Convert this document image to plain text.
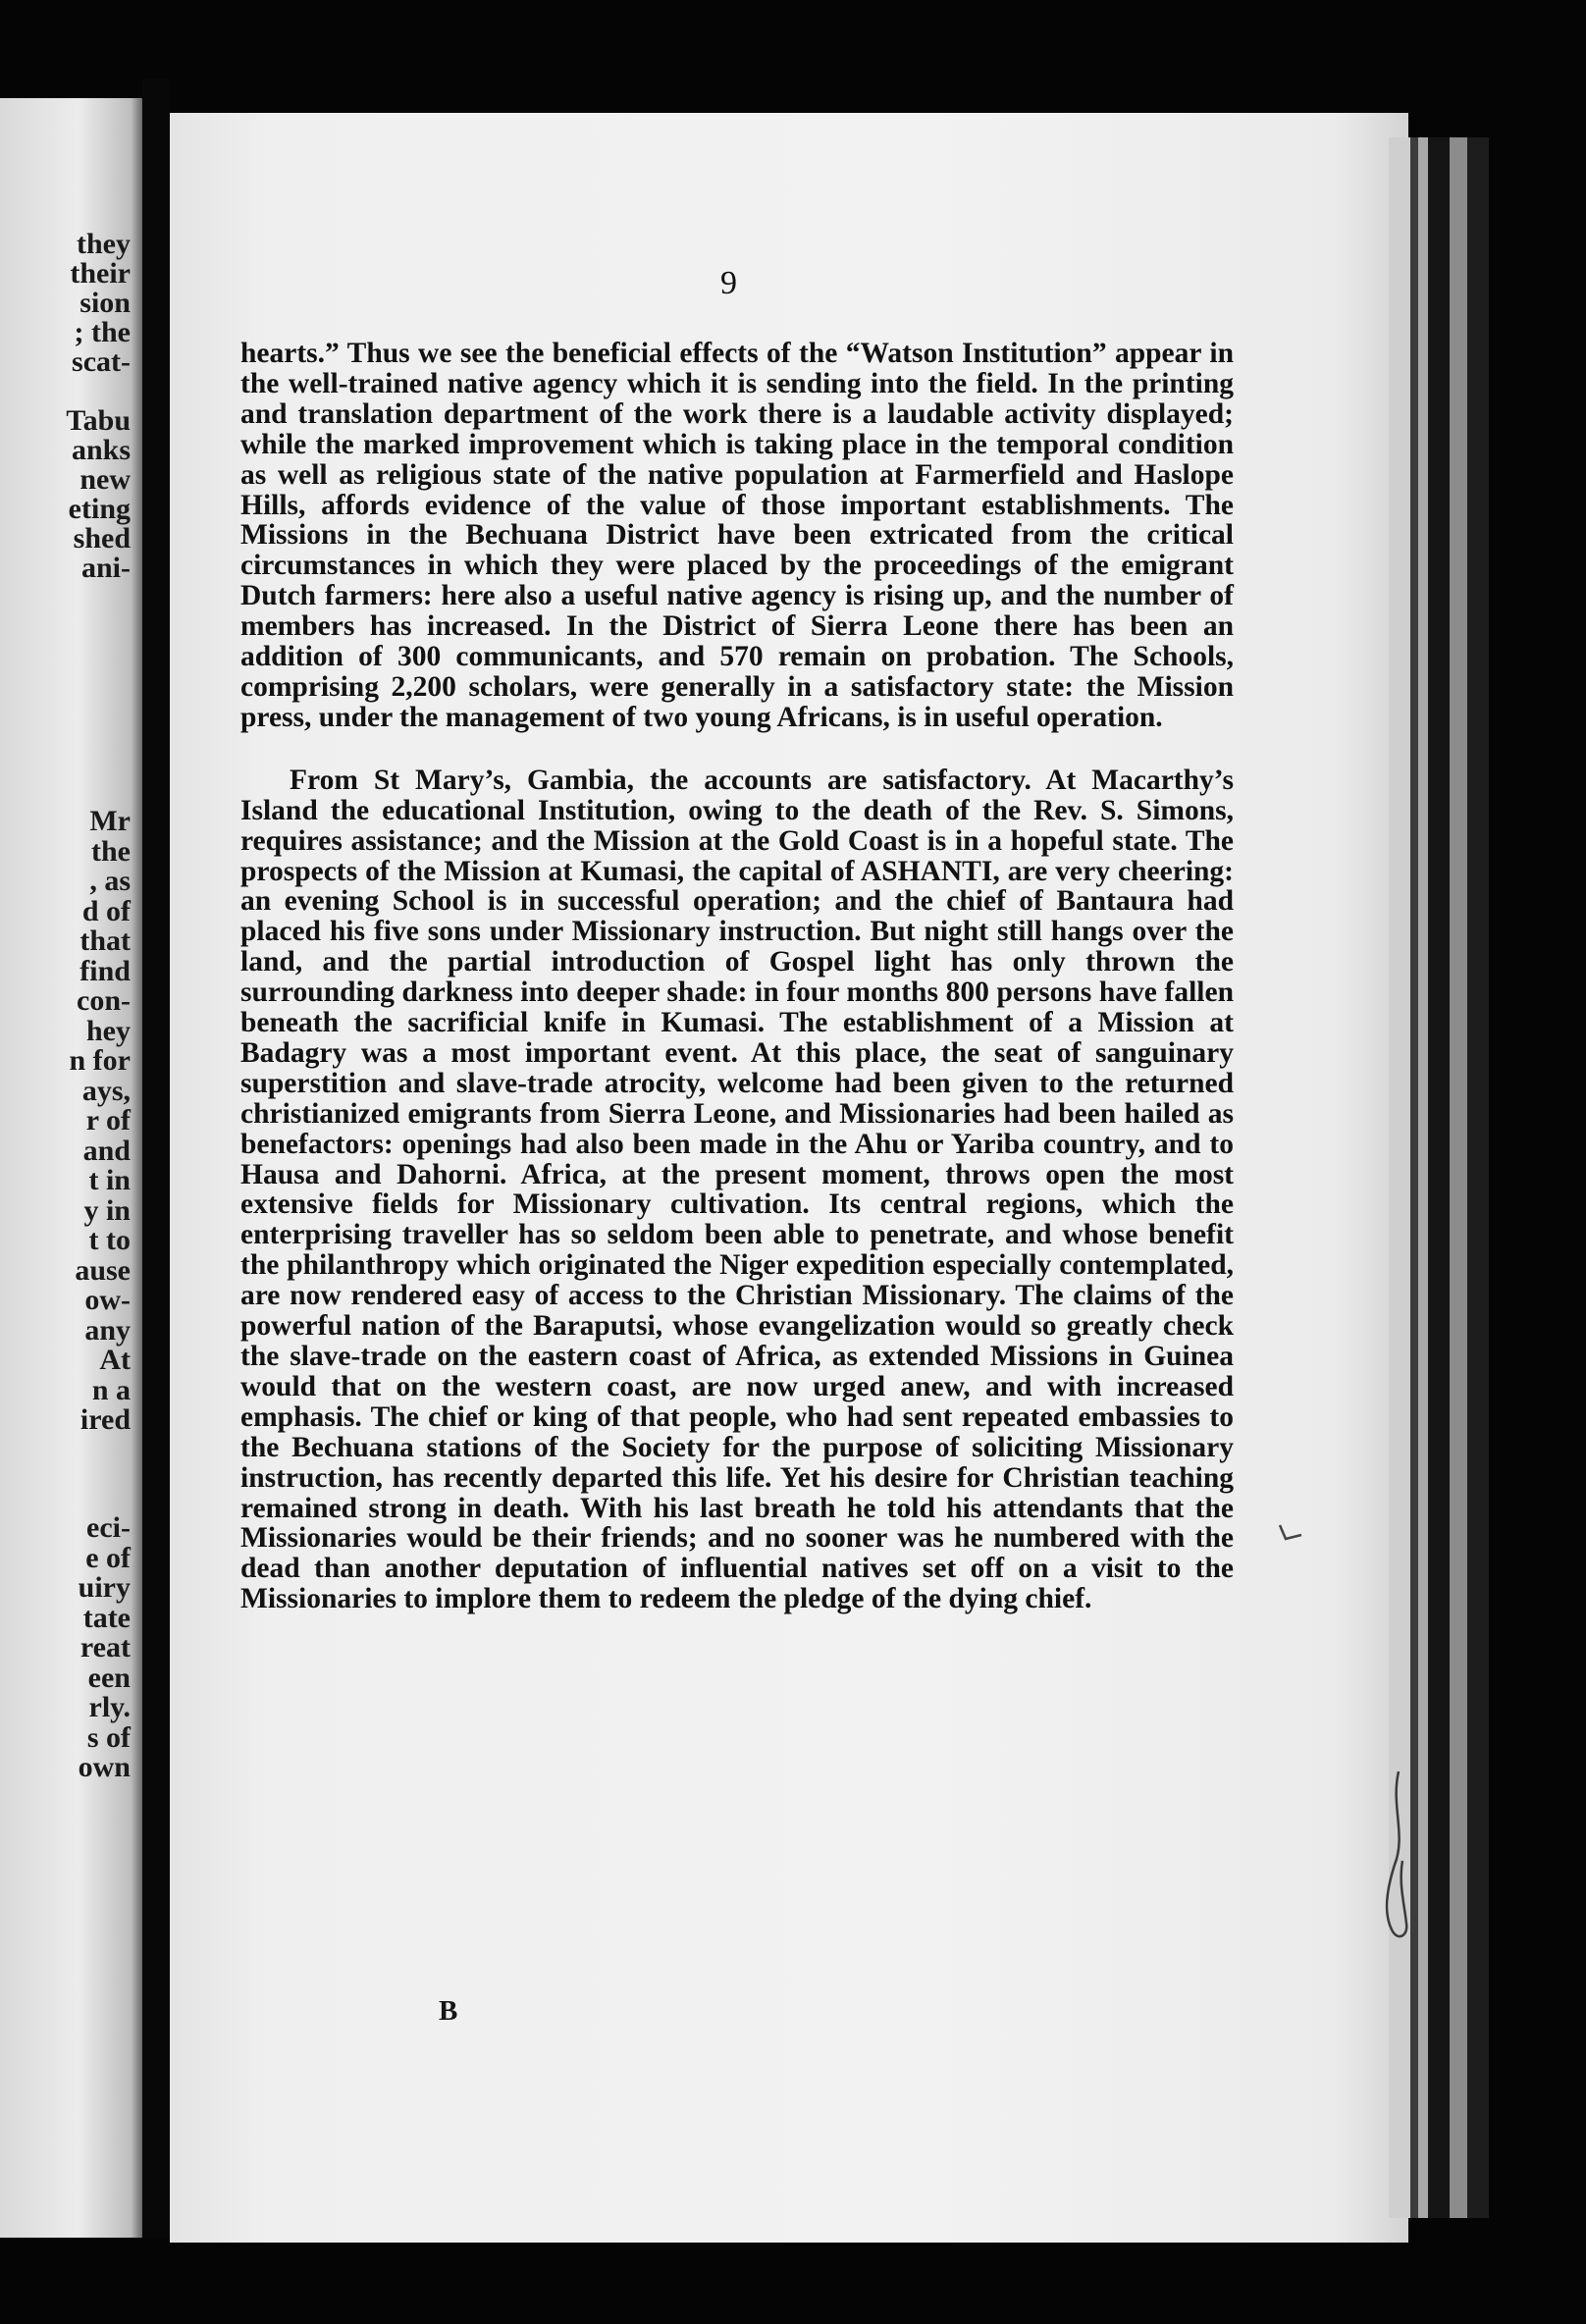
they

their

sion

; the

scat-

Tabu

anks

new

eting

shed

ani-

Mr

the

, as

d of

that

find

con-

hey

n for

ays,

r of

and

t in

y in

t to

ause

ow-

any

At

n a

ired

eci-

e of

uiry

tate

reat

een

rly.

s of

own

9

hearts.” Thus we see the beneficial effects of the “Watson Institution” appear in the well-trained native agency which it is sending into the field. In the printing and translation department of the work there is a laudable activity displayed; while the marked improvement which is taking place in the temporal condition as well as religious state of the native population at Farmerfield and Haslope Hills, affords evidence of the value of those important establishments. The Missions in the Bechuana District have been extricated from the critical circumstances in which they were placed by the proceedings of the emigrant Dutch farmers: here also a useful native agency is rising up, and the number of members has increased. In the District of Sierra Leone there has been an addition of 300 communicants, and 570 remain on probation. The Schools, comprising 2,200 scholars, were generally in a satisfactory state: the Mission press, under the management of two young Africans, is in useful operation.

From St Mary’s, Gambia, the accounts are satisfactory. At Macarthy’s Island the educational Institution, owing to the death of the Rev. S. Simons, requires assistance; and the Mission at the Gold Coast is in a hopeful state. The prospects of the Mission at Kumasi, the capital of ASHANTI, are very cheering: an evening School is in successful operation; and the chief of Bantaura had placed his five sons under Missionary instruction. But night still hangs over the land, and the partial introduction of Gospel light has only thrown the surrounding darkness into deeper shade: in four months 800 persons have fallen beneath the sacrificial knife in Kumasi. The establishment of a Mission at Badagry was a most important event. At this place, the seat of sanguinary superstition and slave-trade atrocity, welcome had been given to the returned christianized emigrants from Sierra Leone, and Missionaries had been hailed as benefactors: openings had also been made in the Ahu or Yariba country, and to Hausa and Dahorni. Africa, at the present moment, throws open the most extensive fields for Missionary cultivation. Its central regions, which the enterprising traveller has so seldom been able to penetrate, and whose benefit the philanthropy which originated the Niger expedition especially contemplated, are now rendered easy of access to the Christian Missionary. The claims of the powerful nation of the Baraputsi, whose evangelization would so greatly check the slave-trade on the eastern coast of Africa, as extended Missions in Guinea would that on the western coast, are now urged anew, and with increased emphasis. The chief or king of that people, who had sent repeated embassies to the Bechuana stations of the Society for the purpose of soliciting Missionary instruction, has recently departed this life. Yet his desire for Christian teaching remained strong in death. With his last breath he told his attendants that the Missionaries would be their friends; and no sooner was he numbered with the dead than another deputation of influential natives set off on a visit to the Missionaries to implore them to redeem the pledge of the dying chief.

B
